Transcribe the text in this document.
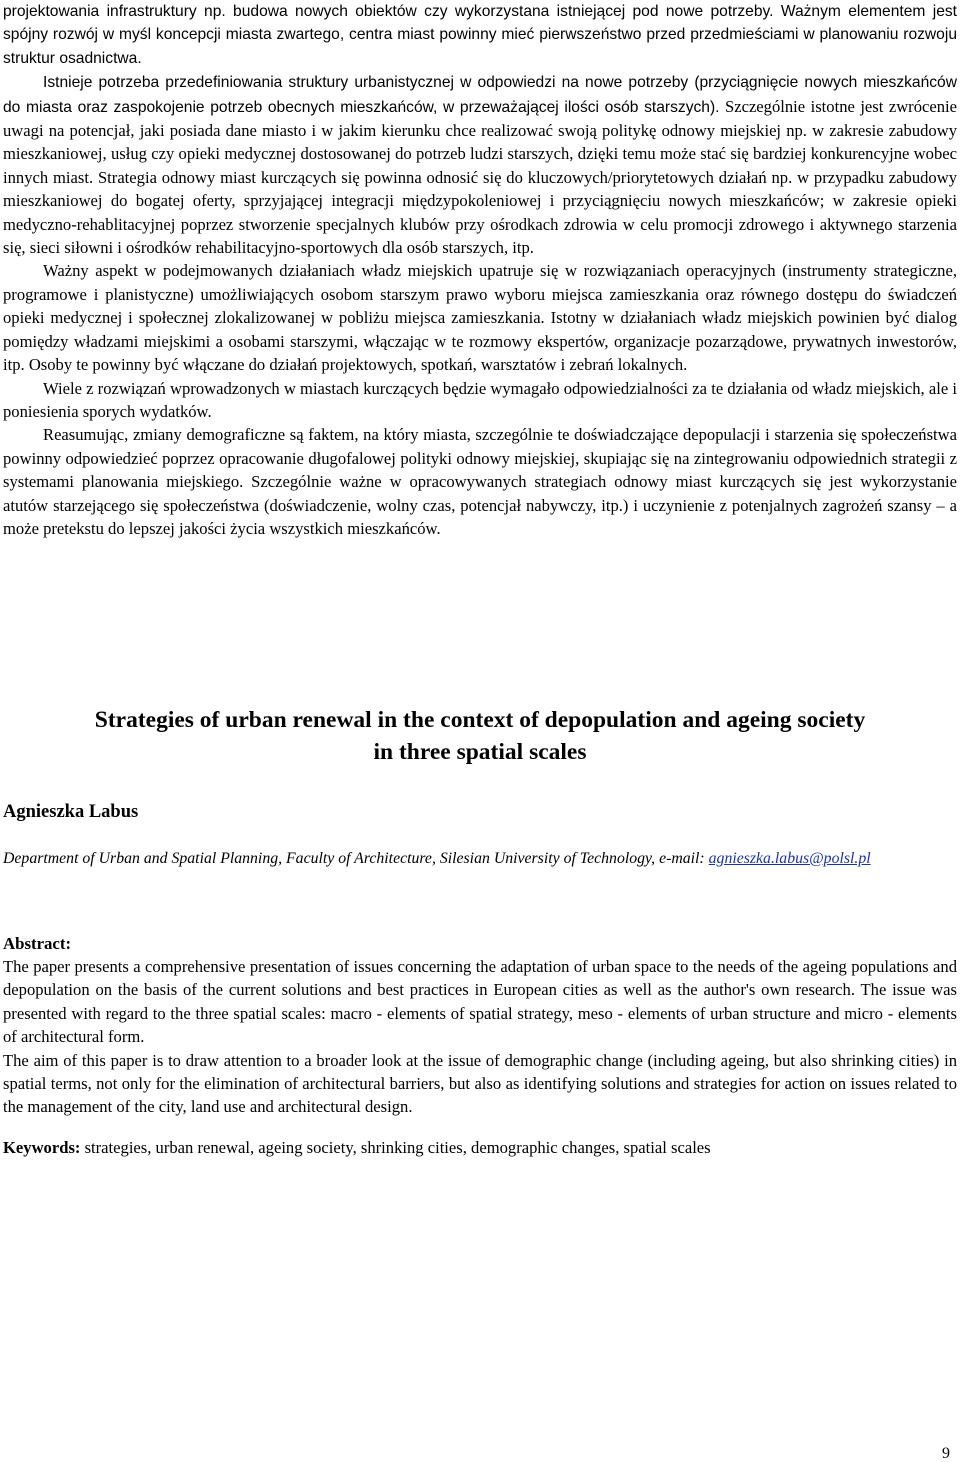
projektowania infrastruktury np. budowa nowych obiektów czy wykorzystana istniejącej pod nowe potrzeby. Ważnym elementem jest spójny rozwój w myśl koncepcji miasta zwartego, centra miast powinny mieć pierwszeństwo przed przedmieściami w planowaniu rozwoju struktur osadnictwa.

Istnieje potrzeba przedefiniowania struktury urbanistycznej w odpowiedzi na nowe potrzeby (przyciągnięcie nowych mieszkańców do miasta oraz zaspokojenie potrzeb obecnych mieszkańców, w przeważającej ilości osób starszych). Szczególnie istotne jest zwrócenie uwagi na potencjał, jaki posiada dane miasto i w jakim kierunku chce realizować swoją politykę odnowy miejskiej np. w zakresie zabudowy mieszkaniowej, usług czy opieki medycznej dostosowanej do potrzeb ludzi starszych, dzięki temu może stać się bardziej konkurencyjne wobec innych miast. Strategia odnowy miast kurczących się powinna odnosić się do kluczowych/priorytetowych działań np. w przypadku zabudowy mieszkaniowej do bogatej oferty, sprzyjającej integracji międzypokoleniowej i przyciągnięciu nowych mieszkańców; w zakresie opieki medyczno-rehablitacyjnej poprzez stworzenie specjalnych klubów przy ośrodkach zdrowia w celu promocji zdrowego i aktywnego starzenia się, sieci siłowni i ośrodków rehabilitacyjno-sportowych dla osób starszych, itp.

Ważny aspekt w podejmowanych działaniach władz miejskich upatruje się w rozwiązaniach operacyjnych (instrumenty strategiczne, programowe i planistyczne) umożliwiających osobom starszym prawo wyboru miejsca zamieszkania oraz równego dostępu do świadczeń opieki medycznej i społecznej zlokalizowanej w pobliżu miejsca zamieszkania. Istotny w działaniach władz miejskich powinien być dialog pomiędzy władzami miejskimi a osobami starszymi, włączając w te rozmowy ekspertów, organizacje pozarządowe, prywatnych inwestorów, itp. Osoby te powinny być włączane do działań projektowych, spotkań, warsztatów i zebrań lokalnych.

Wiele z rozwiązań wprowadzonych w miastach kurczących będzie wymagało odpowiedzialności za te działania od władz miejskich, ale i poniesienia sporych wydatków.

Reasumując, zmiany demograficzne są faktem, na który miasta, szczególnie te doświadczające depopulacji i starzenia się społeczeństwa powinny odpowiedzieć poprzez opracowanie długofalowej polityki odnowy miejskiej, skupiając się na zintegrowaniu odpowiednich strategii z systemami planowania miejskiego. Szczególnie ważne w opracowywanych strategiach odnowy miast kurczących się jest wykorzystanie atutów starzejącego się społeczeństwa (doświadczenie, wolny czas, potencjał nabywczy, itp.) i uczynienie z potenjalnych zagrożeń szansy – a może pretekstu do lepszej jakości życia wszystkich mieszkańców.

Strategies of urban renewal in the context of depopulation and ageing society
in three spatial scales

Agnieszka Labus

Department of Urban and Spatial Planning, Faculty of Architecture, Silesian University of Technology, e-mail: agnieszka.labus@polsl.pl

Abstract:

The paper presents a comprehensive presentation of issues concerning the adaptation of urban space to the needs of the ageing populations and depopulation on the basis of the current solutions and best practices in European cities as well as the author's own research. The issue was presented with regard to the three spatial scales: macro - elements of spatial strategy, meso - elements of urban structure and micro - elements of architectural form.

The aim of this paper is to draw attention to a broader look at the issue of demographic change (including ageing, but also shrinking cities) in spatial terms, not only for the elimination of architectural barriers, but also as identifying solutions and strategies for action on issues related to the management of the city, land use and architectural design.

Keywords: strategies, urban renewal, ageing society, shrinking cities, demographic changes, spatial scales

9
